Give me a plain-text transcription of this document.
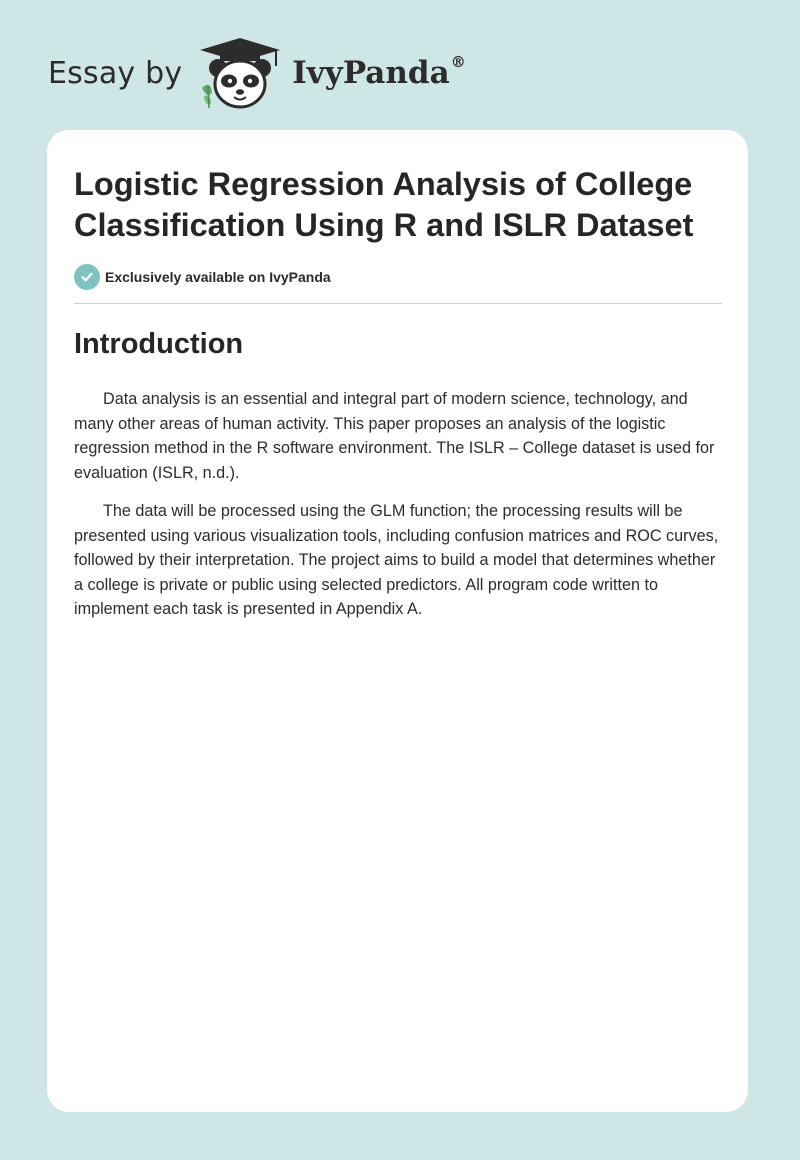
Essay by	IvyPanda®
Logistic Regression Analysis of College Classification Using R and ISLR Dataset
Exclusively available on IvyPanda
Introduction

Data analysis is an essential and integral part of modern science, technology, and many other areas of human activity. This paper proposes an analysis of the logistic regression method in the R software environment. The ISLR – College dataset is used for evaluation (ISLR, n.d.).

The data will be processed using the GLM function; the processing results will be presented using various visualization tools, including confusion matrices and ROC curves, followed by their interpretation. The project aims to build a model that determines whether a college is private or public using selected predictors. All program code written to implement each task is presented in Appendix A.
